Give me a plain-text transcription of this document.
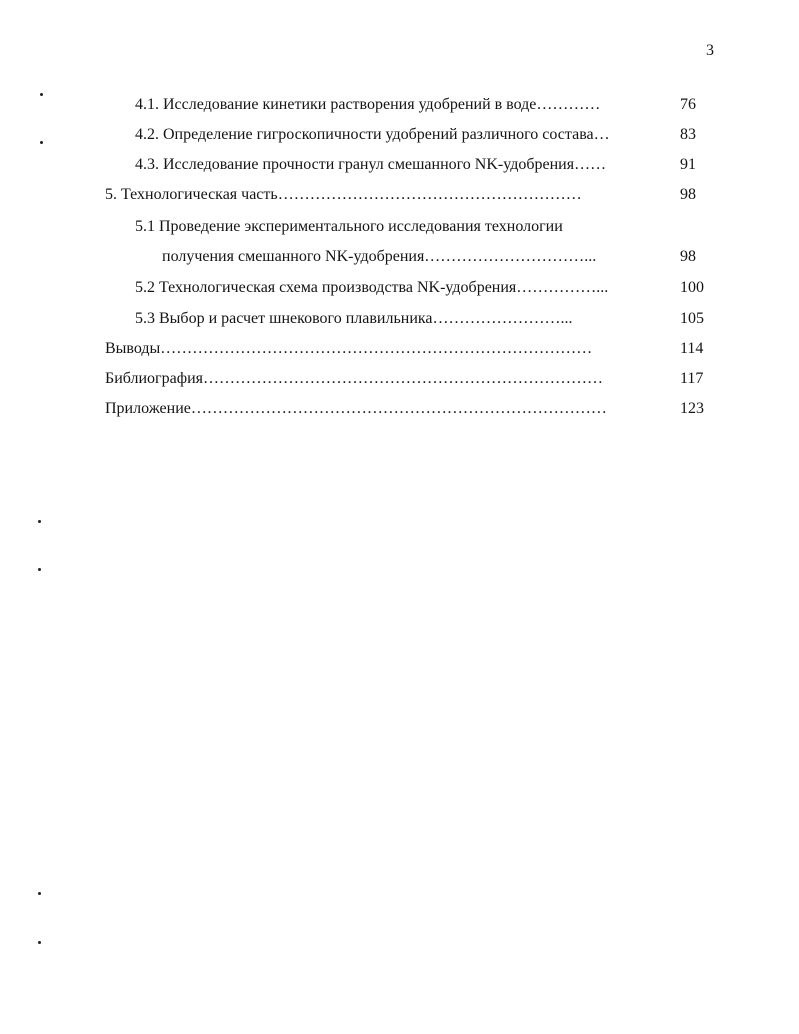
3
4.1. Исследование кинетики растворения удобрений в воде…………	76
4.2. Определение гигроскопичности удобрений различного состава…	83
4.3. Исследование прочности гранул смешанного NK-удобрения……	91
5. Технологическая часть…………………………………………………	98
5.1 Проведение экспериментального исследования технологии
получения смешанного NK-удобрения…………………………...	98
5.2 Технологическая схема производства NK-удобрения……………...	100
5.3 Выбор и расчет шнекового плавильника……………………...	105
Выводы………………………………………………………………………	114
Библиография…………………………………………………………………	117
Приложение……………………………………………………………………	123
